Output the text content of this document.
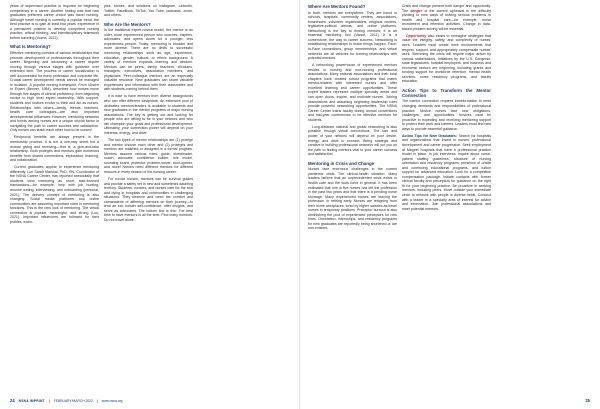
years of supervised practice is required for beginning competency in a career. Another finding was that new graduates preferred career choice was travel nursing. Although travel nursing is currently a popular trend, the best practice is to gain at least two years' experience in a permanent position to develop competent nursing practice, critical thinking, and interdisciplinary teamwork before traveling (Vozna, 2022).

What Is Mentoring?

Effective mentoring consists of various relationships that promote development of professionals throughout their career. Beginning and advancing a career require moving through various stages with guidance over extended time. The process of career socialization is well documented for every profession and corporate life. Crucial career development needs cannot be managed in isolation. A popular nursing framework, From Novice to Expert (Benner, 1984), describes how nurses move through five stages of clinical proficiency, from beginning novice to high level expert leadership. With support, students and novices evolve to think and act as nurses. Relationships with others—family, friends, teachers, health care colleagues—are also important developmental influences. However, mentoring networks and bonds among nurses are a unique crucial factor in navigating the path to career success and satisfaction. Only nurses can teach each other how to be nurses!

Reciprocal benefits are always present in the mentorship process. It is not a one-way street but a mutual giving and receiving—that is, a give-and-take relationship. Both protégés and mentors gain numerous benefits from shared connections, exploration, learning, and collaboration.

Current graduates appear to experience mentoring differently. Lori Sarah Marshal, PhD, RN, Coordinator of the NSNA Career Center, has reported anecdotally that students view mentoring as short, task-focused transactions—for example, help with job hunting, resume writing, interviewing, and onboarding (personal, 2021). The delivery concept of mentoring is also changing. Social media platforms and online communities are assuming important roles in mentoring functions. This is the new look of mentoring. The virtual connection is popular, meaningful, and strong (Luo, 2021). Important influencers are followed for their profiles, exam-

ples, stories, and solutions on Instagram, LinkedIn, Twitter, FaceBook, TikTok, You Tube, podcasts, zoom, and others.

Who Are the Mentors?

In the traditional expert-novice model, the mentor is an older, more experienced person who coaches, inspires, advocates, and opens doors for a younger, less experienced person. Today, mentoring is broader and more diverse. There are no limits to successful mentoring relationships such as age, experience, education, gender, cultural, or ethnic background. A variety of mentors expands learning and wisdom. Mentors can be peers, family, teachers, clinicians, managers, executives, association members, and physicians. Peer-colleague mentors are an especially valuable resource. New graduates can share valuable experiences and information with their classmates and with students coming behind them.

It is wise to have mentors from diverse backgrounds who can offer different viewpoints. An extensive pool of dedicated mentors/leaders is available to students and new graduates in the mentor programs of major nursing associations. The key is getting out and looking for people who are willing to be in your network and who will champion your goals and professional development. Ultimately, your connection power will depend on your interests, energy, and drive.

The two types of mentor relationships are (1) protégé and mentor choose each other and (2) protégés and mentors are matched or assigned in a formal program. Mentors assume various roles: guide, cheerleader, coach, advocate, confidence builder, role model, sounding board, protector, problem-solver, door-opener, and more! Nurses need different mentors for different reasons in every season of the nursing career.

For novice nurses, mentors can be survival guides and provide a safety net in new and sometimes daunting territory. Students, novices, and nurses care for the sick and dying in hospitals and communities in challenging situations. They deserve and need the comfort and camaraderie of affirming mentors on their journey—to lend an ear, bolster self-confidence, offer insights, and serve as advocates. The bottom line is this: The best time to have mentors is all the time. Find many mentors. Do not travel alone.

24 NSNA IMPRINT | FEBRUARY/MARCH 2022 | www.nsna.org
Where Are Mentors Found?

In truth, mentors are everywhere. They are found in schools, hospitals, community centers, associations, businesses, volunteer organizations, religious centers, legislative-political arenas, and online platforms. Networking is the key to finding mentors; it is an essential mentoring tool (Vance, 2011). It is a cornerstone, the way to career success. Networking is establishing relationships to make things happen. Face-to-Face connections, group memberships, and virtual networks are all vehicles for forming relationships with potential mentors.

A networking powerhouse of experienced mentors resides in nursing and non-nursing professional associations. Many national associations and their local chapters have created robust programs that match mentor-leaders with interested nurses and offer excellent learning and career opportunities. These expert leaders represent multiple specialty areas and can open doors, inspire, and motivate nurses. Joining associations and assuming beginning leadership roles provide powerful networking opportunities. The NSNA Career Center trains faculty during annual conventions and mid-year conferences to be effective mentors for students.

Long-distance national and global networking is also possible through virtual connections. The size and power of your network will depend on your desire, energy, and drive to connect. Being strategic and creative in building professional networks will put you on the path to finding mentors vital to your career success and satisfaction.

Mentoring in Crisis and Change

Nurses face enormous challenges in the current pandemic crisis. The clinical-health situation. Many leaders believe that an unprecedented crisis exists in health care and the work force in general. It has been estimated that one in five nurses has left the profession in the past two years and that there is a pending nurse shortage. Many experienced nurses are leaving the profession or retiring early. Nurses are resigning from their home workplaces, lured by higher salaries as travel nurses in temporary positions. Preceptor burnout is also diminishing the pool of experienced preceptors for new hires. Orientation, internships, and residency programs for new graduates are reportedly being shortened or are non-existent.

Crisis and change present both danger and opportunity. The danger of the current upheaval is the difficulty pivoting to new ways of solving serious problems in health and hospital care—for example, nurse recruitment and retention activities. Change in data-based problem solving will be essential.

Opportunity also exists to reimagine strategies that value the integrity, safety, and complexity of nurses' work. Leaders must create work environments that respect, support, and appropriately compensate nurses' work. Stemming the crisis will require major action by various stakeholders. Initiatives by the U.S. Congress, state legislatures, hospital employers, and business and economic sectors are beginning, including grants and funding support for workforce retention, mental health services, nurse residency programs, and faculty education.

Action Tips to Transform the Mentor Connection

The mentor connection requires transformation to meet changing demands and responsibilities of professional practice. Novice nurses face new obligations, challenges, and opportunities. Novices must be proactive in expecting and receiving mentoring support to protect their work and careers. Leaders must find new ways to provide essential guidance.

Action Tips for New Graduates: Search for hospitals and organizations that invest in nurses' professional development and career progression. Seek employment at Magnet hospitals that have a professional practice model in place. In job interviews, inquire about nurse-patient staffing guidelines, structure of nursing orientation and residency programs, presence of onsite and continuing educational programs, and tuition support for advanced education. Look for a competitive compensation package. Initiate contacts with former clinical faculty and preceptors for guidance on the right fit for your beginning practice. Be proactive in seeking mentors, including peers. Move outside your immediate circle to network with people in diverse fields. Connect with a leader in a specialty area of interest for advice and information. Join professional associations and meet potential mentors.

25
